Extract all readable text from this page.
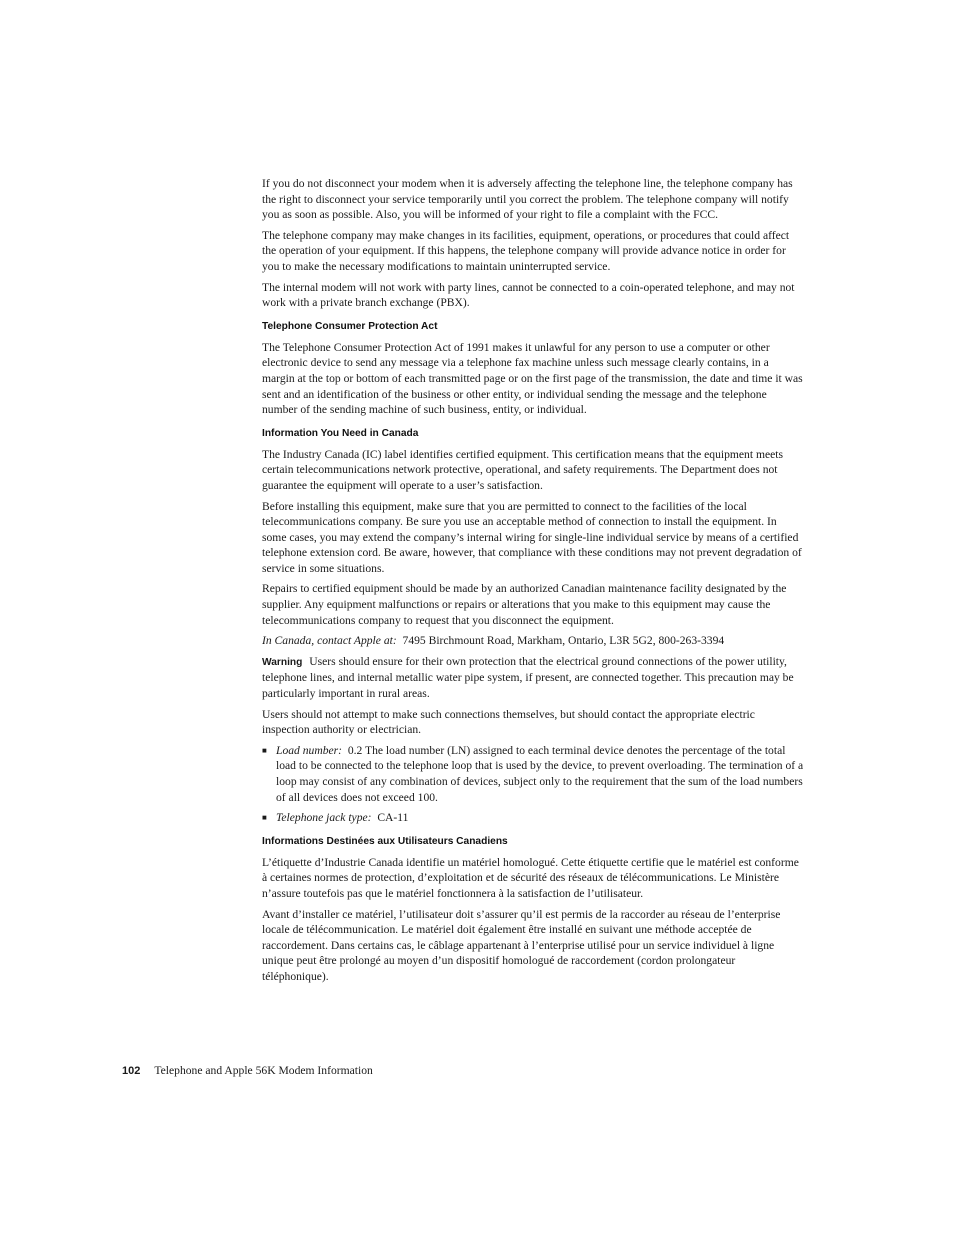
If you do not disconnect your modem when it is adversely affecting the telephone line, the telephone company has the right to disconnect your service temporarily until you correct the problem. The telephone company will notify you as soon as possible. Also, you will be informed of your right to file a complaint with the FCC.

The telephone company may make changes in its facilities, equipment, operations, or procedures that could affect the operation of your equipment. If this happens, the telephone company will provide advance notice in order for you to make the necessary modifications to maintain uninterrupted service.

The internal modem will not work with party lines, cannot be connected to a coin-operated telephone, and may not work with a private branch exchange (PBX).

Telephone Consumer Protection Act

The Telephone Consumer Protection Act of 1991 makes it unlawful for any person to use a computer or other electronic device to send any message via a telephone fax machine unless such message clearly contains, in a margin at the top or bottom of each transmitted page or on the first page of the transmission, the date and time it was sent and an identification of the business or other entity, or individual sending the message and the telephone number of the sending machine of such business, entity, or individual.

Information You Need in Canada

The Industry Canada (IC) label identifies certified equipment. This certification means that the equipment meets certain telecommunications network protective, operational, and safety requirements. The Department does not guarantee the equipment will operate to a user’s satisfaction.

Before installing this equipment, make sure that you are permitted to connect to the facilities of the local telecommunications company. Be sure you use an acceptable method of connection to install the equipment. In some cases, you may extend the company’s internal wiring for single-line individual service by means of a certified telephone extension cord. Be aware, however, that compliance with these conditions may not prevent degradation of service in some situations.

Repairs to certified equipment should be made by an authorized Canadian maintenance facility designated by the supplier. Any equipment malfunctions or repairs or alterations that you make to this equipment may cause the telecommunications company to request that you disconnect the equipment.

In Canada, contact Apple at: 7495 Birchmount Road, Markham, Ontario, L3R 5G2, 800-263-3394

Warning Users should ensure for their own protection that the electrical ground connections of the power utility, telephone lines, and internal metallic water pipe system, if present, are connected together. This precaution may be particularly important in rural areas.

Users should not attempt to make such connections themselves, but should contact the appropriate electric inspection authority or electrician.

■ Load number: 0.2 The load number (LN) assigned to each terminal device denotes the percentage of the total load to be connected to the telephone loop that is used by the device, to prevent overloading. The termination of a loop may consist of any combination of devices, subject only to the requirement that the sum of the load numbers of all devices does not exceed 100.
■ Telephone jack type: CA-11
Informations Destinées aux Utilisateurs Canadiens

L’étiquette d’Industrie Canada identifie un matériel homologué. Cette étiquette certifie que le matériel est conforme à certaines normes de protection, d’exploitation et de sécurité des réseaux de télécommunications. Le Ministère n’assure toutefois pas que le matériel fonctionnera à la satisfaction de l’utilisateur.

Avant d’installer ce matériel, l’utilisateur doit s’assurer qu’il est permis de la raccorder au réseau de l’enterprise locale de télécommunication. Le matériel doit également être installé en suivant une méthode acceptée de raccordement. Dans certains cas, le câblage appartenant à l’enterprise utilisé pour un service individuel à ligne unique peut être prolongé au moyen d’un dispositif homologué de raccordement (cordon prolongateur téléphonique).

102 Telephone and Apple 56K Modem Information
